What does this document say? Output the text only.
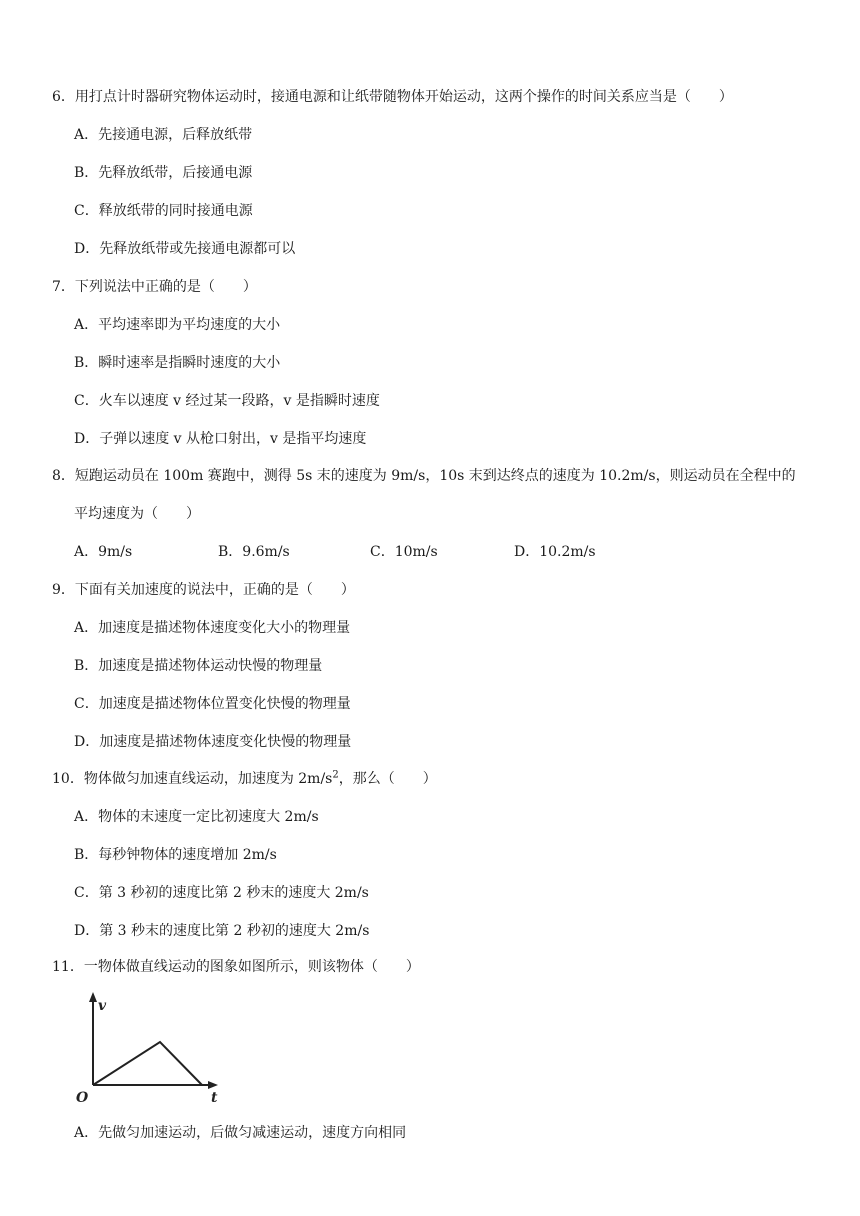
6．用打点计时器研究物体运动时，接通电源和让纸带随物体开始运动，这两个操作的时间关系应当是（　　）
A．先接通电源，后释放纸带
B．先释放纸带，后接通电源
C．释放纸带的同时接通电源
D．先释放纸带或先接通电源都可以
7．下列说法中正确的是（　　）
A．平均速率即为平均速度的大小
B．瞬时速率是指瞬时速度的大小
C．火车以速度 v 经过某一段路，v 是指瞬时速度
D．子弹以速度 v 从枪口射出，v 是指平均速度
8．短跑运动员在 100m 赛跑中，测得 5s 末的速度为 9m/s，10s 末到达终点的速度为 10.2m/s，则运动员在全程中的
平均速度为（　　）
A．9m/s	B．9.6m/s	C．10m/s	D．10.2m/s
9．下面有关加速度的说法中，正确的是（　　）
A．加速度是描述物体速度变化大小的物理量
B．加速度是描述物体运动快慢的物理量
C．加速度是描述物体位置变化快慢的物理量
D．加速度是描述物体速度变化快慢的物理量
10．物体做匀加速直线运动，加速度为 $2m/s^2$，那么（　　）
A．物体的末速度一定比初速度大 2m/s
B．每秒钟物体的速度增加 2m/s
C．第 3 秒初的速度比第 2 秒末的速度大 2m/s
D．第 3 秒末的速度比第 2 秒初的速度大 2m/s
11．一物体做直线运动的图象如图所示，则该物体（　　）
v
t
O
A．先做匀加速运动，后做匀减速运动，速度方向相同
